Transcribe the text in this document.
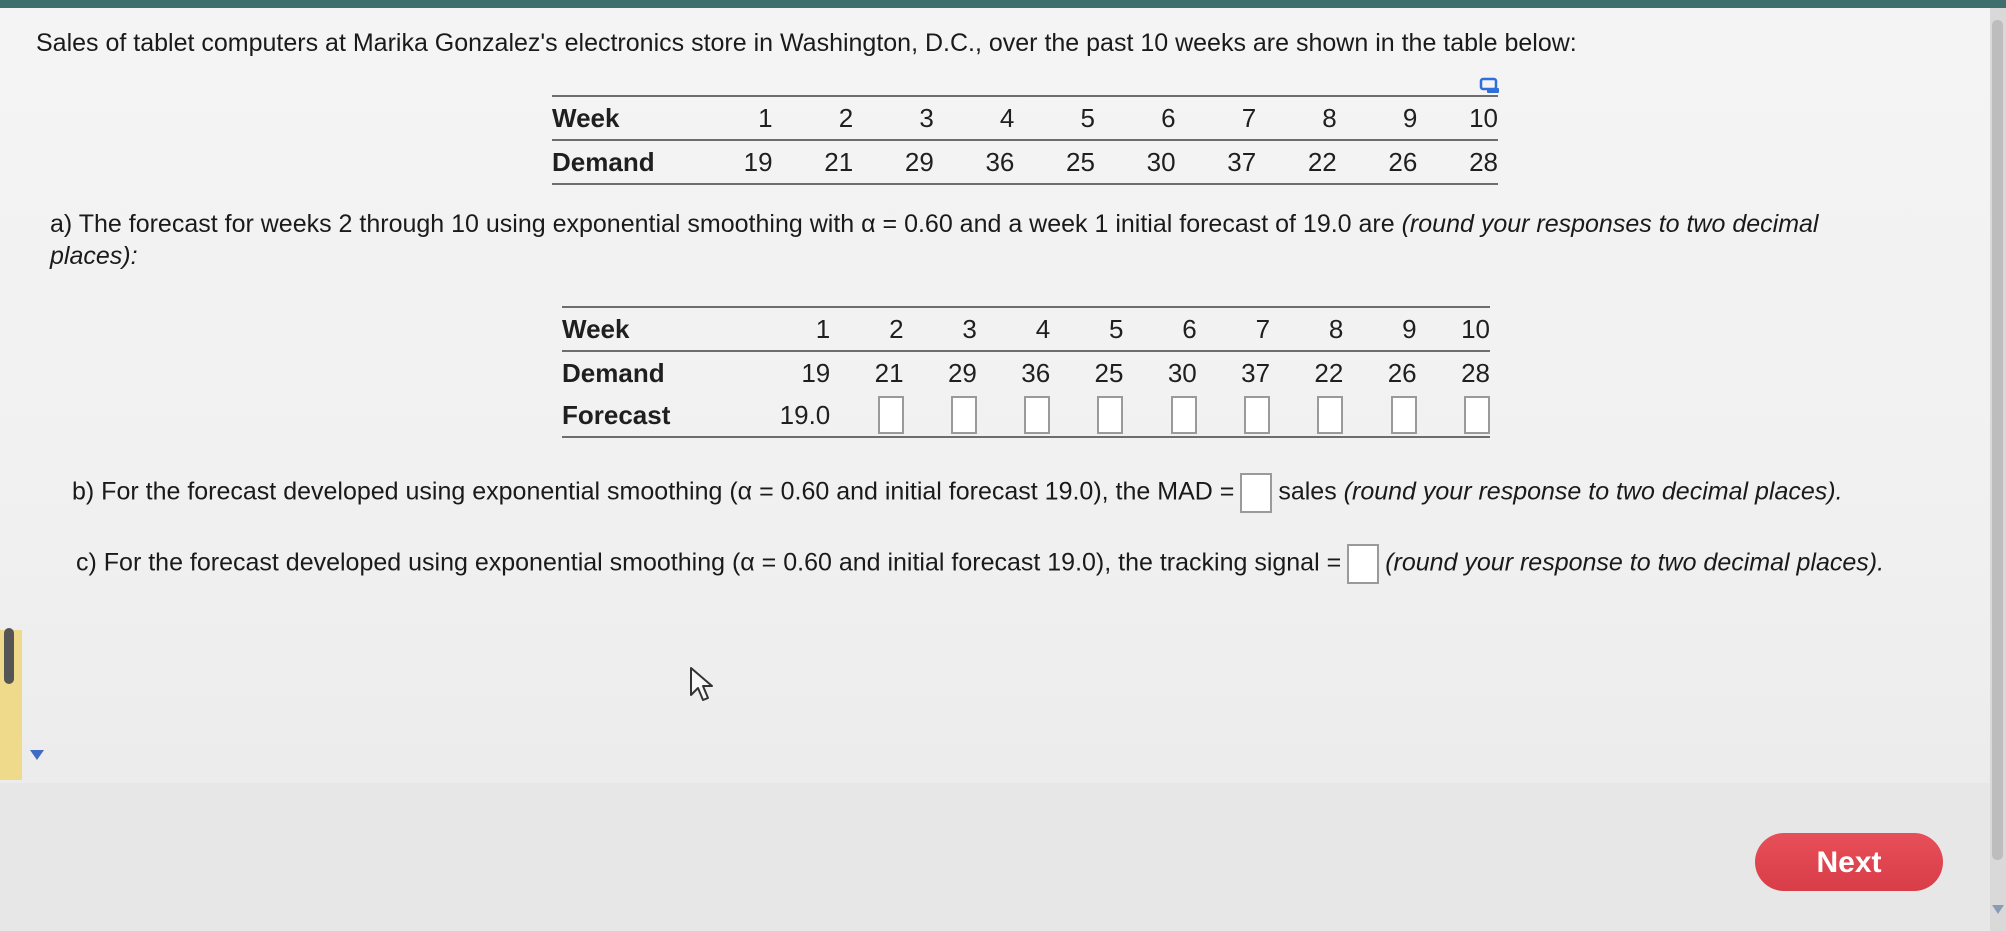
Sales of tablet computers at Marika Gonzalez's electronics store in Washington, D.C., over the past 10 weeks are shown in the table below:
Week	1	2	3	4	5	6	7	8	9	10
Demand	19	21	29	36	25	30	37	22	26	28
a) The forecast for weeks 2 through 10 using exponential smoothing with α = 0.60 and a week 1 initial forecast of 19.0 are (round your responses to two decimal places):
Week	1	2	3	4	5	6	7	8	9	10
Demand	19	21	29	36	25	30	37	22	26	28
Forecast	19.0									
b) For the forecast developed using exponential smoothing (α = 0.60 and initial forecast 19.0), the MAD = sales (round your response to two decimal places).
c) For the forecast developed using exponential smoothing (α = 0.60 and initial forecast 19.0), the tracking signal = (round your response to two decimal places).
Next
